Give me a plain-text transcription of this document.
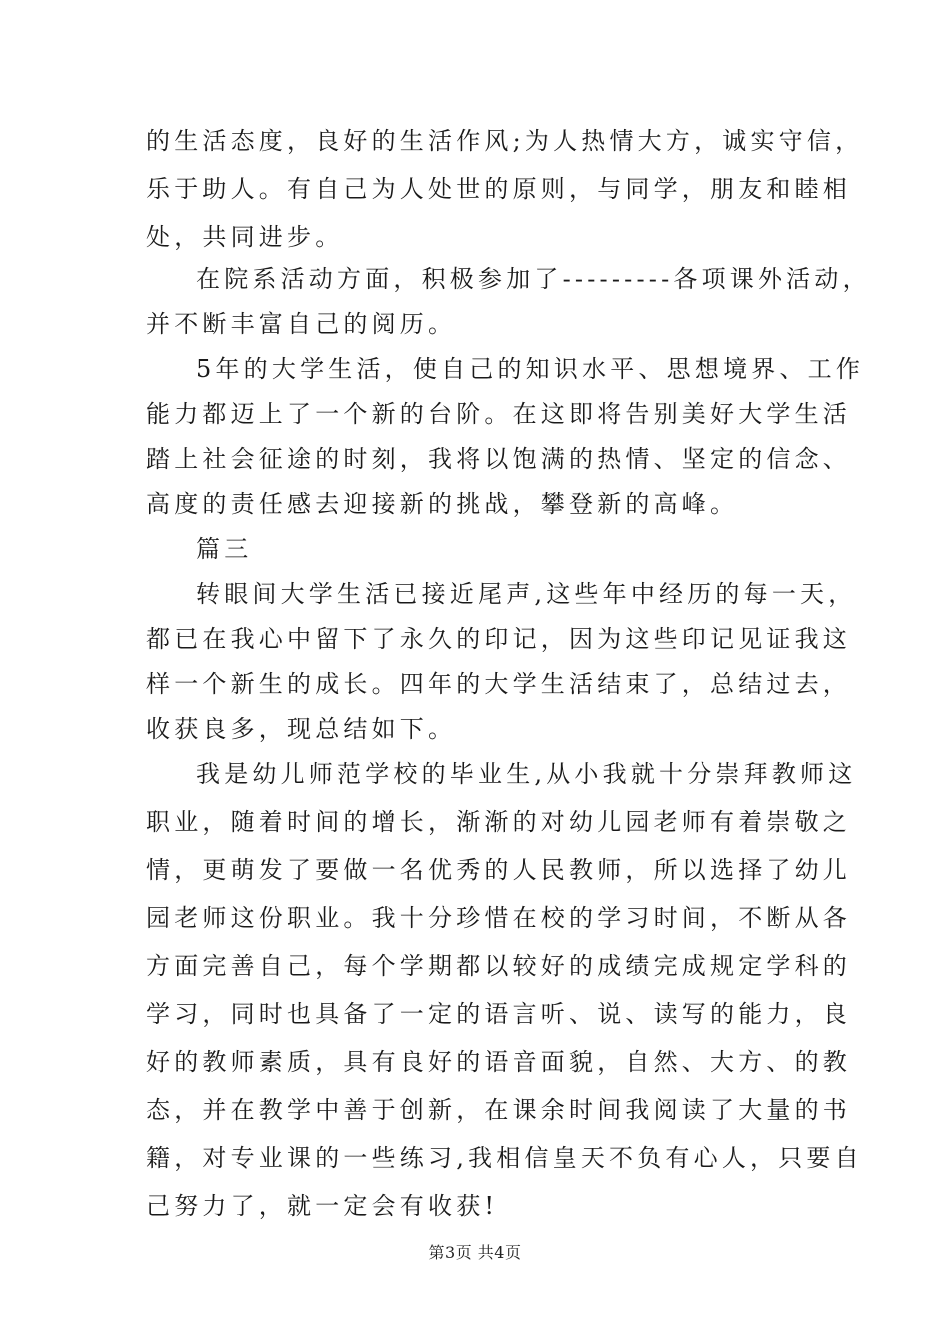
的生活态度，良好的生活作风;为人热情大方，诚实守信，
乐于助人。有自己为人处世的原则，与同学，朋友和睦相
处，共同进步。
在院系活动方面，积极参加了---------各项课外活动，
并不断丰富自己的阅历。
5年的大学生活，使自己的知识水平、思想境界、工作
能力都迈上了一个新的台阶。在这即将告别美好大学生活
踏上社会征途的时刻，我将以饱满的热情、坚定的信念、
高度的责任感去迎接新的挑战，攀登新的高峰。
篇三
转眼间大学生活已接近尾声,这些年中经历的每一天，
都已在我心中留下了永久的印记，因为这些印记见证我这
样一个新生的成长。四年的大学生活结束了，总结过去，
收获良多，现总结如下。
我是幼儿师范学校的毕业生,从小我就十分崇拜教师这
职业，随着时间的增长，渐渐的对幼儿园老师有着崇敬之
情，更萌发了要做一名优秀的人民教师，所以选择了幼儿
园老师这份职业。我十分珍惜在校的学习时间，不断从各
方面完善自己，每个学期都以较好的成绩完成规定学科的
学习，同时也具备了一定的语言听、说、读写的能力，良
好的教师素质，具有良好的语音面貌，自然、大方、的教
态，并在教学中善于创新，在课余时间我阅读了大量的书
籍，对专业课的一些练习,我相信皇天不负有心人，只要自
己努力了，就一定会有收获!
第3页 共4页
